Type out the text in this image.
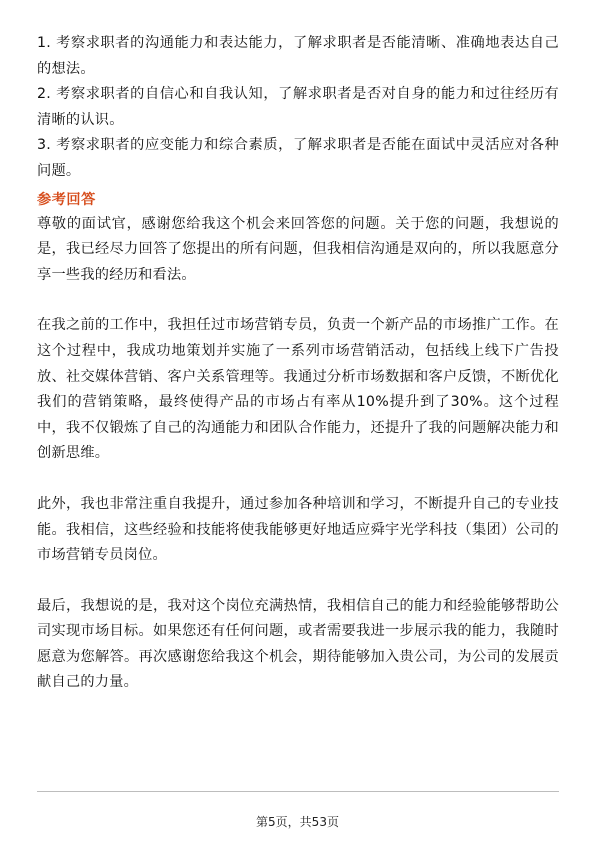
1. 考察求职者的沟通能力和表达能力，了解求职者是否能清晰、准确地表达自己的想法。

2. 考察求职者的自信心和自我认知，了解求职者是否对自身的能力和过往经历有清晰的认识。

3. 考察求职者的应变能力和综合素质，了解求职者是否能在面试中灵活应对各种问题。

参考回答

尊敬的面试官，感谢您给我这个机会来回答您的问题。关于您的问题，我想说的是，我已经尽力回答了您提出的所有问题，但我相信沟通是双向的，所以我愿意分享一些我的经历和看法。

在我之前的工作中，我担任过市场营销专员，负责一个新产品的市场推广工作。在这个过程中，我成功地策划并实施了一系列市场营销活动，包括线上线下广告投放、社交媒体营销、客户关系管理等。我通过分析市场数据和客户反馈，不断优化我们的营销策略，最终使得产品的市场占有率从10%提升到了30%。这个过程中，我不仅锻炼了自己的沟通能力和团队合作能力，还提升了我的问题解决能力和创新思维。

此外，我也非常注重自我提升，通过参加各种培训和学习，不断提升自己的专业技能。我相信，这些经验和技能将使我能够更好地适应舜宇光学科技（集团）公司的市场营销专员岗位。

最后，我想说的是，我对这个岗位充满热情，我相信自己的能力和经验能够帮助公司实现市场目标。如果您还有任何问题，或者需要我进一步展示我的能力，我随时愿意为您解答。再次感谢您给我这个机会，期待能够加入贵公司，为公司的发展贡献自己的力量。

第5页，共53页
